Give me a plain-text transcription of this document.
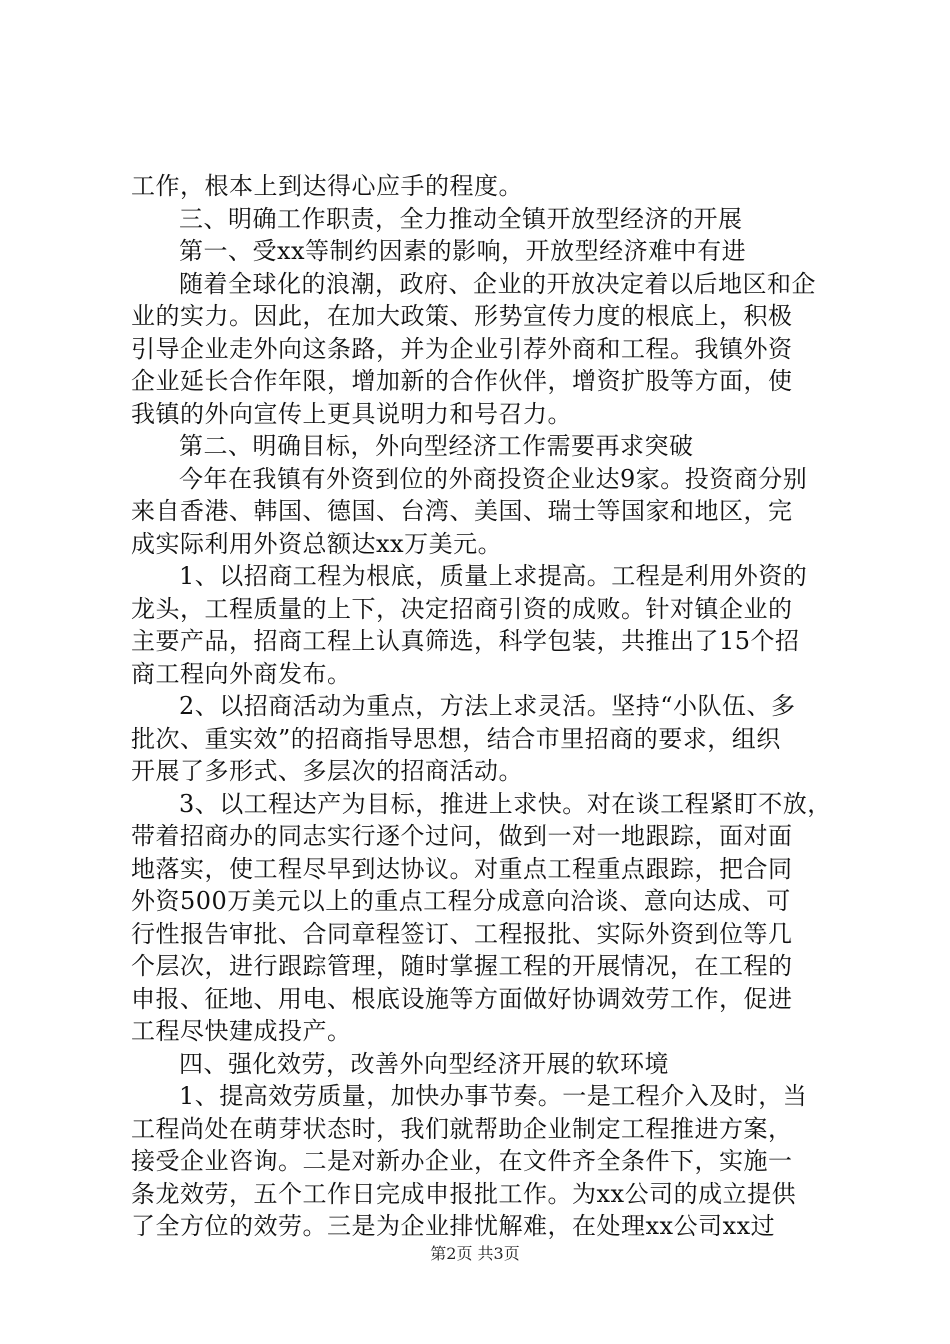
工作，根本上到达得心应手的程度。
三、明确工作职责，全力推动全镇开放型经济的开展
第一、受xx等制约因素的影响，开放型经济难中有进
随着全球化的浪潮，政府、企业的开放决定着以后地区和企
业的实力。因此，在加大政策、形势宣传力度的根底上，积极
引导企业走外向这条路，并为企业引荐外商和工程。我镇外资
企业延长合作年限，增加新的合作伙伴，增资扩股等方面，使
我镇的外向宣传上更具说明力和号召力。
第二、明确目标，外向型经济工作需要再求突破
今年在我镇有外资到位的外商投资企业达9家。投资商分别
来自香港、韩国、德国、台湾、美国、瑞士等国家和地区，完
成实际利用外资总额达xx万美元。
1、以招商工程为根底，质量上求提高。工程是利用外资的
龙头，工程质量的上下，决定招商引资的成败。针对镇企业的
主要产品，招商工程上认真筛选，科学包装，共推出了15个招
商工程向外商发布。
2、以招商活动为重点，方法上求灵活。坚持“小队伍、多
批次、重实效”的招商指导思想，结合市里招商的要求，组织
开展了多形式、多层次的招商活动。
3、以工程达产为目标，推进上求快。对在谈工程紧盯不放，
带着招商办的同志实行逐个过问，做到一对一地跟踪，面对面
地落实，使工程尽早到达协议。对重点工程重点跟踪，把合同
外资500万美元以上的重点工程分成意向洽谈、意向达成、可
行性报告审批、合同章程签订、工程报批、实际外资到位等几
个层次，进行跟踪管理，随时掌握工程的开展情况，在工程的
申报、征地、用电、根底设施等方面做好协调效劳工作，促进
工程尽快建成投产。
四、强化效劳，改善外向型经济开展的软环境
1、提高效劳质量，加快办事节奏。一是工程介入及时，当
工程尚处在萌芽状态时，我们就帮助企业制定工程推进方案，
接受企业咨询。二是对新办企业，在文件齐全条件下，实施一
条龙效劳，五个工作日完成申报批工作。为xx公司的成立提供
了全方位的效劳。三是为企业排忧解难，在处理xx公司xx过
第2页 共3页
